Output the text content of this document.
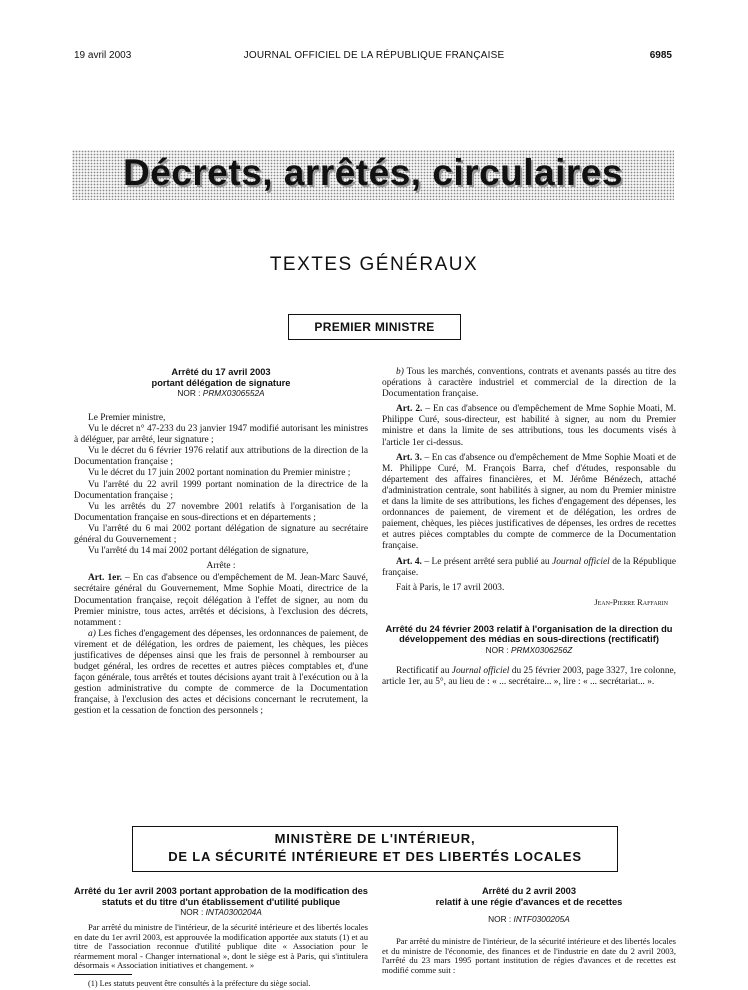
19 avril 2003	JOURNAL OFFICIEL DE LA RÉPUBLIQUE FRANÇAISE	6985
Décrets, arrêtés, circulaires
TEXTES GÉNÉRAUX
PREMIER MINISTRE
Arrêté du 17 avril 2003
portant délégation de signature
NOR : PRMX0306552A

Le Premier ministre,

Vu le décret n° 47-233 du 23 janvier 1947 modifié autorisant les ministres à déléguer, par arrêté, leur signature ;

Vu le décret du 6 février 1976 relatif aux attributions de la direction de la Documentation française ;

Vu le décret du 17 juin 2002 portant nomination du Premier ministre ;

Vu l'arrêté du 22 avril 1999 portant nomination de la directrice de la Documentation française ;

Vu les arrêtés du 27 novembre 2001 relatifs à l'organisation de la Documentation française en sous-directions et en départements ;

Vu l'arrêté du 6 mai 2002 portant délégation de signature au secrétaire général du Gouvernement ;

Vu l'arrêté du 14 mai 2002 portant délégation de signature,

Arrête :

Art. 1er. – En cas d'absence ou d'empêchement de M. Jean-Marc Sauvé, secrétaire général du Gouvernement, Mme Sophie Moati, directrice de la Documentation française, reçoit délégation à l'effet de signer, au nom du Premier ministre, tous actes, arrêtés et décisions, à l'exclusion des décrets, notamment :

a) Les fiches d'engagement des dépenses, les ordonnances de paiement, de virement et de délégation, les ordres de paiement, les chèques, les pièces justificatives de dépenses ainsi que les frais de personnel à rembourser au budget général, les ordres de recettes et autres pièces comptables et, d'une façon générale, tous arrêtés et toutes décisions ayant trait à l'exécution ou à la gestion administrative du compte de commerce de la Documentation française, à l'exclusion des actes et décisions concernant le recrutement, la gestion et la cessation de fonction des personnels ;

b) Tous les marchés, conventions, contrats et avenants passés au titre des opérations à caractère industriel et commercial de la direction de la Documentation française.

Art. 2. – En cas d'absence ou d'empêchement de Mme Sophie Moati, M. Philippe Curé, sous-directeur, est habilité à signer, au nom du Premier ministre et dans la limite de ses attributions, tous les documents visés à l'article 1er ci-dessus.

Art. 3. – En cas d'absence ou d'empêchement de Mme Sophie Moati et de M. Philippe Curé, M. François Barra, chef d'études, responsable du département des affaires financières, et M. Jérôme Bénézech, attaché d'administration centrale, sont habilités à signer, au nom du Premier ministre et dans la limite de ses attributions, les fiches d'engagement des dépenses, les ordonnances de paiement, de virement et de délégation, les ordres de paiement, chèques, les pièces justificatives de dépenses, les ordres de recettes et autres pièces comptables du compte de commerce de la Documentation française.

Art. 4. – Le présent arrêté sera publié au Journal officiel de la République française.

Fait à Paris, le 17 avril 2003.

Jean-Pierre Raffarin

Arrêté du 24 février 2003 relatif à l'organisation de la direction du développement des médias en sous-directions (rectificatif)
NOR : PRMX0306256Z

Rectificatif au Journal officiel du 25 février 2003, page 3327, 1re colonne, article 1er, au 5°, au lieu de : « ... secrétaire... », lire : « ... secrétariat... ».

MINISTÈRE DE L'INTÉRIEUR,
DE LA SÉCURITÉ INTÉRIEURE ET DES LIBERTÉS LOCALES
Arrêté du 1er avril 2003 portant approbation de la modification des statuts et du titre d'un établissement d'utilité publique
NOR : INTA0300204A

Par arrêté du ministre de l'intérieur, de la sécurité intérieure et des libertés locales en date du 1er avril 2003, est approuvée la modification apportée aux statuts (1) et au titre de l'association reconnue d'utilité publique dite « Association pour le réarmement moral - Changer international », dont le siège est à Paris, qui s'intitulera désormais « Association initiatives et changement. »

(1) Les statuts peuvent être consultés à la préfecture du siège social.

Arrêté du 2 avril 2003
relatif à une régie d'avances et de recettes
NOR : INTF0300205A

Par arrêté du ministre de l'intérieur, de la sécurité intérieure et des libertés locales et du ministre de l'économie, des finances et de l'industrie en date du 2 avril 2003, l'arrêté du 23 mars 1995 portant institution de régies d'avances et de recettes est modifié comme suit :
